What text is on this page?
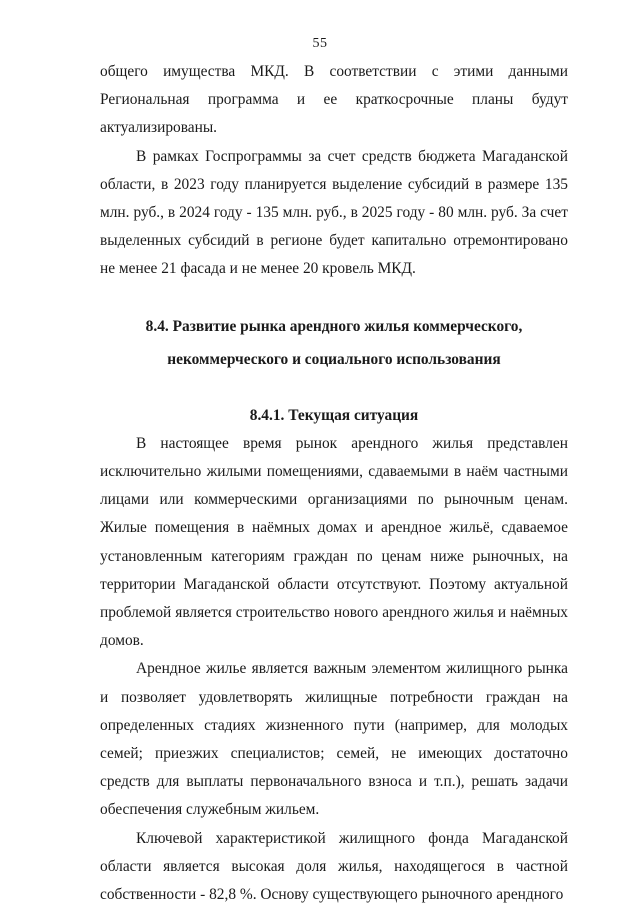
55

общего имущества МКД. В соответствии с этими данными Региональная программа и ее краткосрочные планы будут актуализированы.

В рамках Госпрограммы за счет средств бюджета Магаданской области, в 2023 году планируется выделение субсидий в размере 135 млн. руб., в 2024 году - 135 млн. руб., в 2025 году - 80 млн. руб. За счет выделенных субсидий в регионе будет капитально отремонтировано не менее 21 фасада и не менее 20 кровель МКД.

8.4. Развитие рынка арендного жилья коммерческого,
некоммерческого и социального использования
8.4.1. Текущая ситуация

В настоящее время рынок арендного жилья представлен исключительно жилыми помещениями, сдаваемыми в наём частными лицами или коммерческими организациями по рыночным ценам. Жилые помещения в наёмных домах и арендное жильё, сдаваемое установленным категориям граждан по ценам ниже рыночных, на территории Магаданской области отсутствуют. Поэтому актуальной проблемой является строительство нового арендного жилья и наёмных домов.

Арендное жилье является важным элементом жилищного рынка и позволяет удовлетворять жилищные потребности граждан на определенных стадиях жизненного пути (например, для молодых семей; приезжих специалистов; семей, не имеющих достаточно средств для выплаты первоначального взноса и т.п.), решать задачи обеспечения служебным жильем.

Ключевой характеристикой жилищного фонда Магаданской области является высокая доля жилья, находящегося в частной собственности - 82,8 %. Основу существующего рыночного арендного
